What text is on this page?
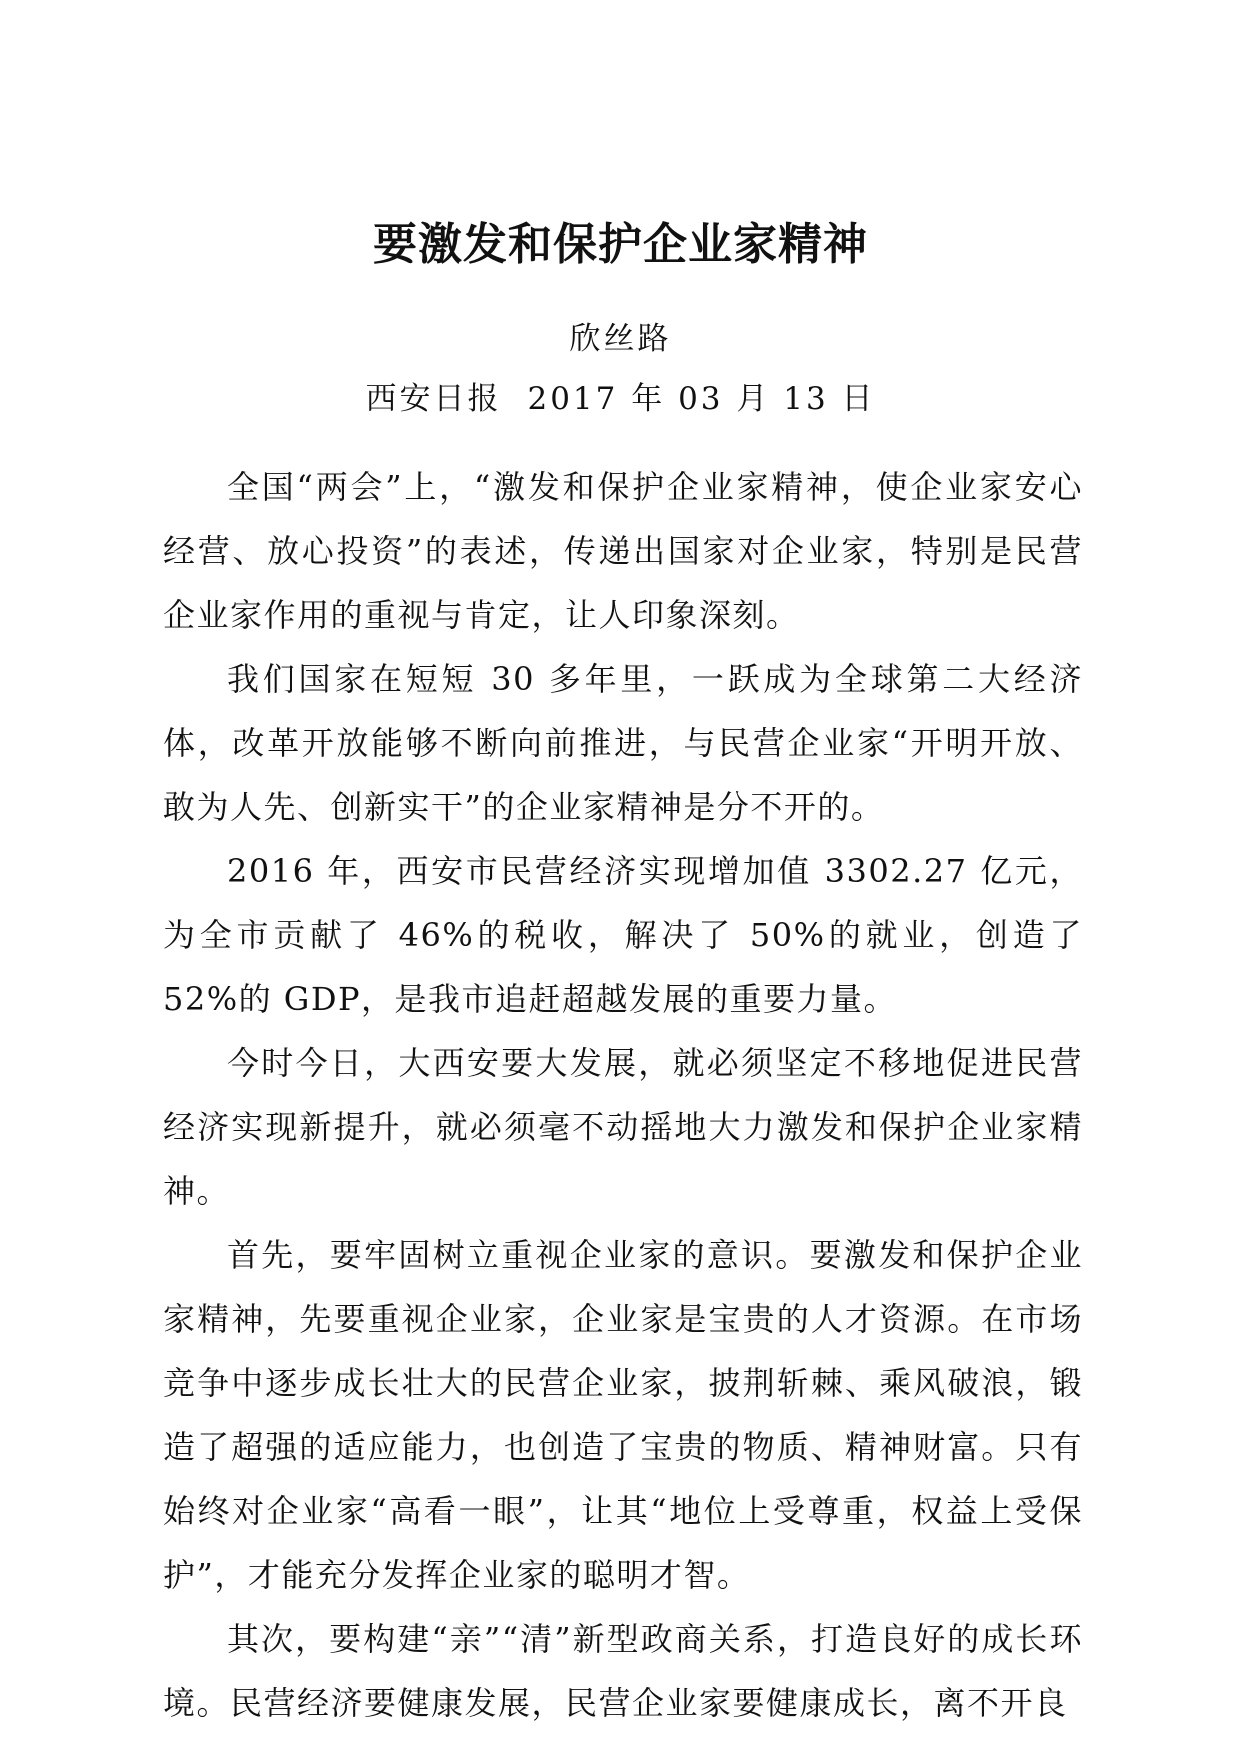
要激发和保护企业家精神
欣丝路
西安日报 2017 年 03 月 13 日

全国“两会”上，“激发和保护企业家精神，使企业家安心经营、放心投资”的表述，传递出国家对企业家，特别是民营企业家作用的重视与肯定，让人印象深刻。

我们国家在短短 30 多年里，一跃成为全球第二大经济体，改革开放能够不断向前推进，与民营企业家“开明开放、敢为人先、创新实干”的企业家精神是分不开的。

2016 年，西安市民营经济实现增加值 3302.27 亿元，为全市贡献了 46%的税收，解决了 50%的就业，创造了 52%的 GDP，是我市追赶超越发展的重要力量。

今时今日，大西安要大发展，就必须坚定不移地促进民营经济实现新提升，就必须毫不动摇地大力激发和保护企业家精神。

首先，要牢固树立重视企业家的意识。要激发和保护企业家精神，先要重视企业家，企业家是宝贵的人才资源。在市场竞争中逐步成长壮大的民营企业家，披荆斩棘、乘风破浪，锻造了超强的适应能力，也创造了宝贵的物质、精神财富。只有始终对企业家“高看一眼”，让其“地位上受尊重，权益上受保护”，才能充分发挥企业家的聪明才智。

其次，要构建“亲”“清”新型政商关系，打造良好的成长环境。民营经济要健康发展，民营企业家要健康成长，离不开良
